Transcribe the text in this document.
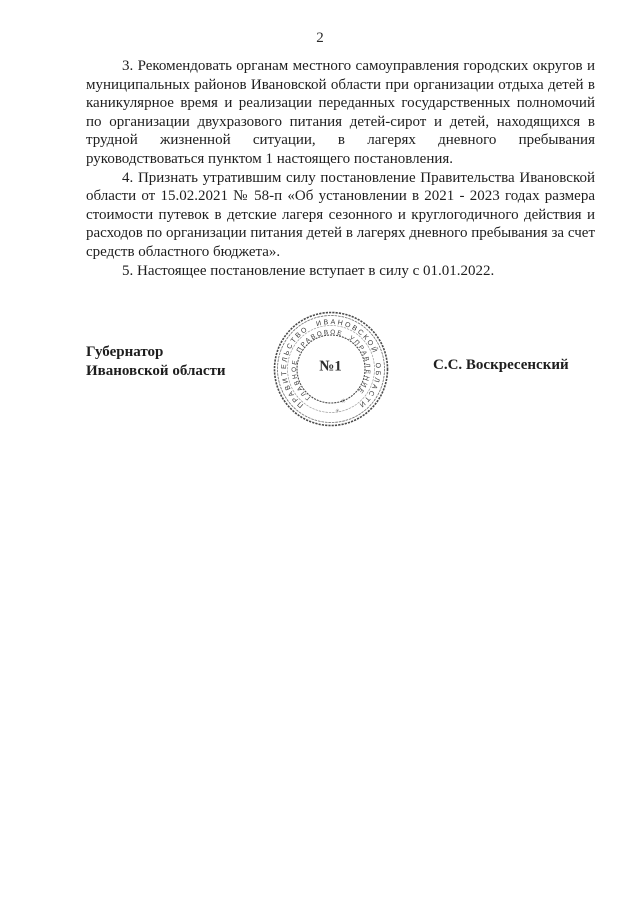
2

3. Рекомендовать органам местного самоуправления городских округов и муниципальных районов Ивановской области при организации отдыха детей в каникулярное время и реализации переданных государственных полномочий по организации двухразового питания детей-сирот и детей, находящихся в трудной жизненной ситуации, в лагерях дневного пребывания руководствоваться пунктом 1 настоящего постановления.

4. Признать утратившим силу постановление Правительства Ивановской области от 15.02.2021 № 58-п «Об установлении в 2021 - 2023 годах размера стоимости путевок в детские лагеря сезонного и круглогодичного действия и расходов по организации питания детей в лагерях дневного пребывания за счет средств областного бюджета».

5. Настоящее постановление вступает в силу с 01.01.2022.

Губернатор
Ивановской области
ПРАВИТЕЛЬСТВО ИВАНОВСКОЙ ОБЛАСТИ
ГЛАВНОЕ ПРАВОВОЕ УПРАВЛЕНИЕ
✳
✳
№1	С.С. Воскресенский
